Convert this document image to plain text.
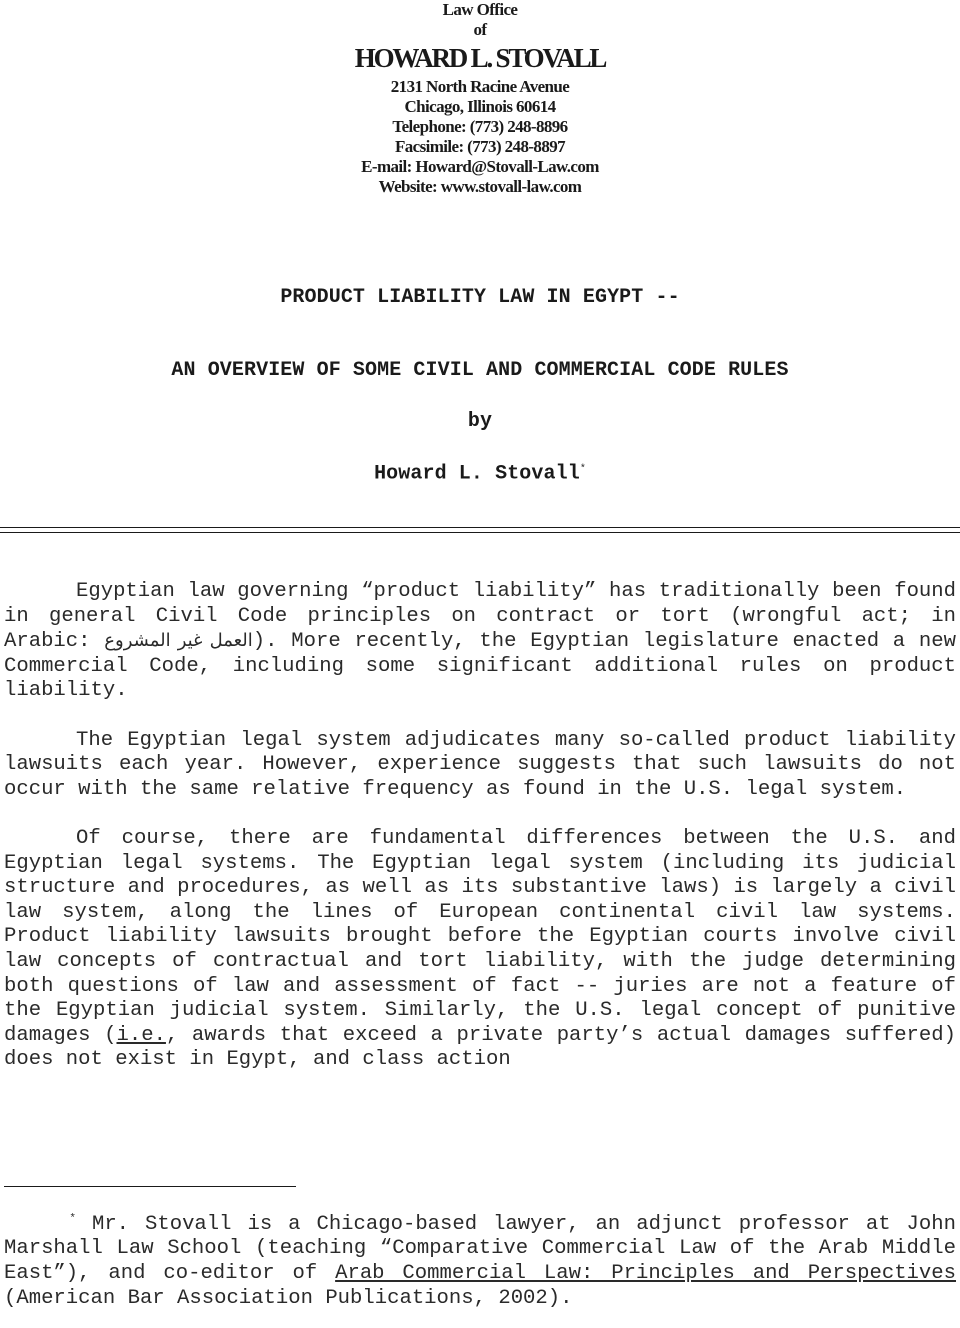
Law Office
of
HOWARD L. STOVALL
2131 North Racine Avenue
Chicago, Illinois 60614
Telephone: (773) 248-8896
Facsimile: (773) 248-8897
E-mail: Howard@Stovall-Law.com
Website: www.stovall-law.com
PRODUCT LIABILITY LAW IN EGYPT --
AN OVERVIEW OF SOME CIVIL AND COMMERCIAL CODE RULES
by
Howard L. Stovall*

Egyptian law governing “product liability” has traditionally been found in general Civil Code principles on contract or tort (wrongful act; in Arabic: العمل غير المشروع). More recently, the Egyptian legislature enacted a new Commercial Code, including some significant additional rules on product liability.

The Egyptian legal system adjudicates many so-called product liability lawsuits each year. However, experience suggests that such lawsuits do not occur with the same relative frequency as found in the U.S. legal system.

Of course, there are fundamental differences between the U.S. and Egyptian legal systems. The Egyptian legal system (including its judicial structure and procedures, as well as its substantive laws) is largely a civil law system, along the lines of European continental civil law systems. Product liability lawsuits brought before the Egyptian courts involve civil law concepts of contractual and tort liability, with the judge determining both questions of law and assessment of fact -- juries are not a feature of the Egyptian judicial system. Similarly, the U.S. legal concept of punitive damages (i.e., awards that exceed a private party’s actual damages suffered) does not exist in Egypt, and class action

* Mr. Stovall is a Chicago-based lawyer, an adjunct professor at John Marshall Law School (teaching “Comparative Commercial Law of the Arab Middle East”), and co-editor of Arab Commercial Law: Principles and Perspectives (American Bar Association Publications, 2002).
